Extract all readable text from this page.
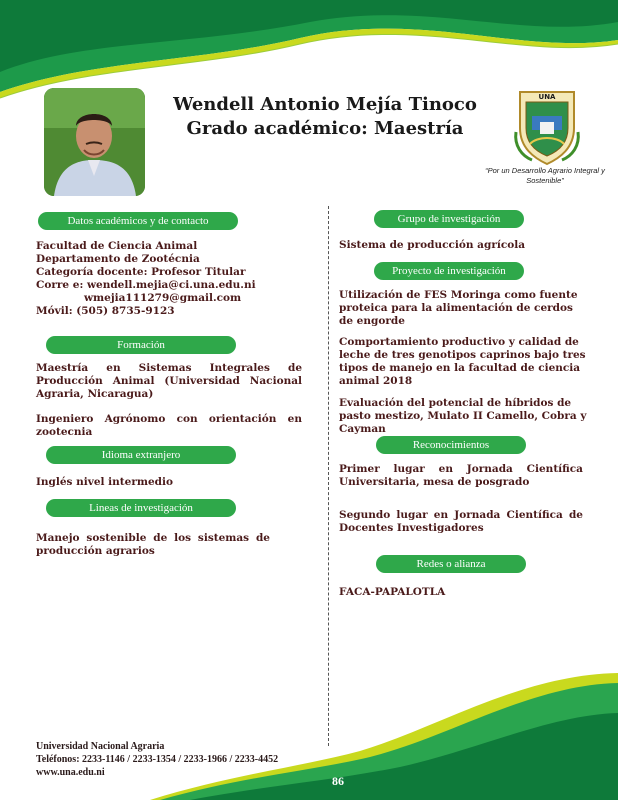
Wendell Antonio Mejía Tinoco
Grado académico: Maestría
UNA
“Por un Desarrollo Agrario Integral y Sostenible”
Datos académicos y de contacto
Facultad de Ciencia Animal
Departamento de Zootécnia
Categoría docente: Profesor Titular
Corre e: wendell.mejia@ci.una.edu.ni
wmejia111279@gmail.com
Móvil: (505) 8735-9123
Formación
Maestría en Sistemas Integrales de Producción Animal (Universidad Nacional Agraria, Nicaragua)
Ingeniero Agrónomo con orientación en zootecnia
Idioma extranjero
Inglés nivel intermedio
Lineas de investigación
Manejo sostenible de los sistemas de producción agrarios
Grupo de investigación
Sistema de producción agrícola
Proyecto de investigación
Utilización de FES Moringa como fuente proteica para la alimentación de cerdos de engorde
Comportamiento productivo y calidad de leche de tres genotipos caprinos bajo tres tipos de manejo en la facultad de ciencia animal 2018
Evaluación del potencial de híbridos de pasto mestizo, Mulato II Camello, Cobra y Cayman
Reconocimientos
Primer lugar en Jornada Científica Universitaria, mesa de posgrado
Segundo lugar en Jornada Científica de Docentes Investigadores
Redes o alianza
FACA-PAPALOTLA
Universidad Nacional Agraria
Teléfonos: 2233-1146 / 2233-1354 / 2233-1966 / 2233-4452
www.una.edu.ni
86
